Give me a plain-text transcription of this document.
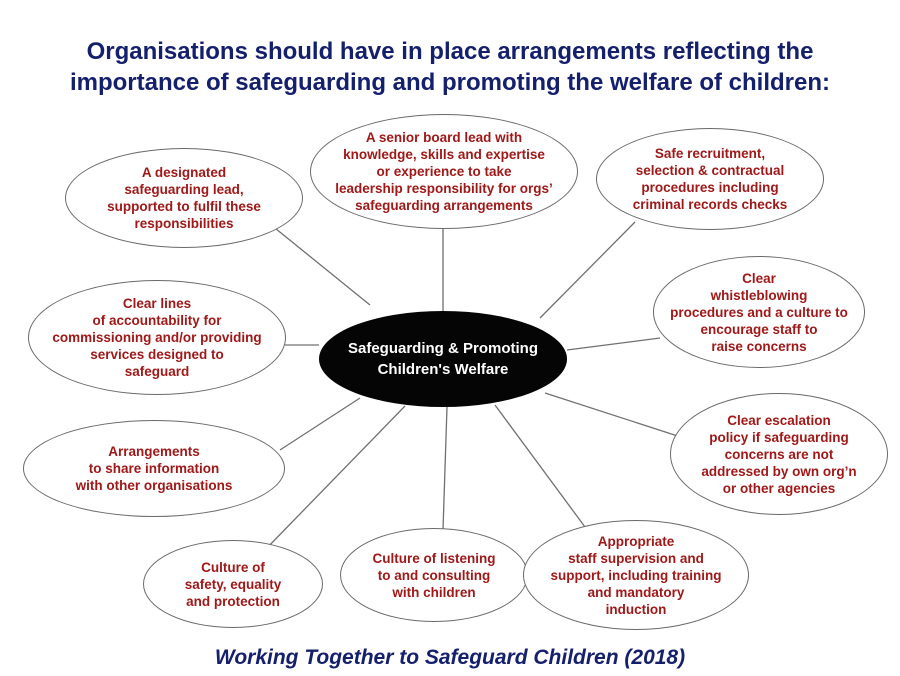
Organisations should have in place arrangements reflecting the
importance of safeguarding and promoting the welfare of children:
A designated
safeguarding lead,
supported to fulfil these
responsibilities
A senior board lead with
knowledge, skills and expertise
or experience to take
leadership responsibility for orgs’
safeguarding arrangements
Safe recruitment,
selection & contractual
procedures including
criminal records checks
Clear lines
of accountability for
commissioning and/or providing
services designed to
safeguard
Clear
whistleblowing
procedures and a culture to
encourage staff to
raise concerns
Arrangements
to share information
with other organisations
Clear escalation
policy if safeguarding
concerns are not
addressed by own org’n
or other agencies
Culture of
safety, equality
and protection
Culture of listening
to and consulting
with children
Appropriate
staff supervision and
support, including training
and mandatory
induction
Safeguarding & Promoting
Children's Welfare
Working Together to Safeguard Children (2018)
